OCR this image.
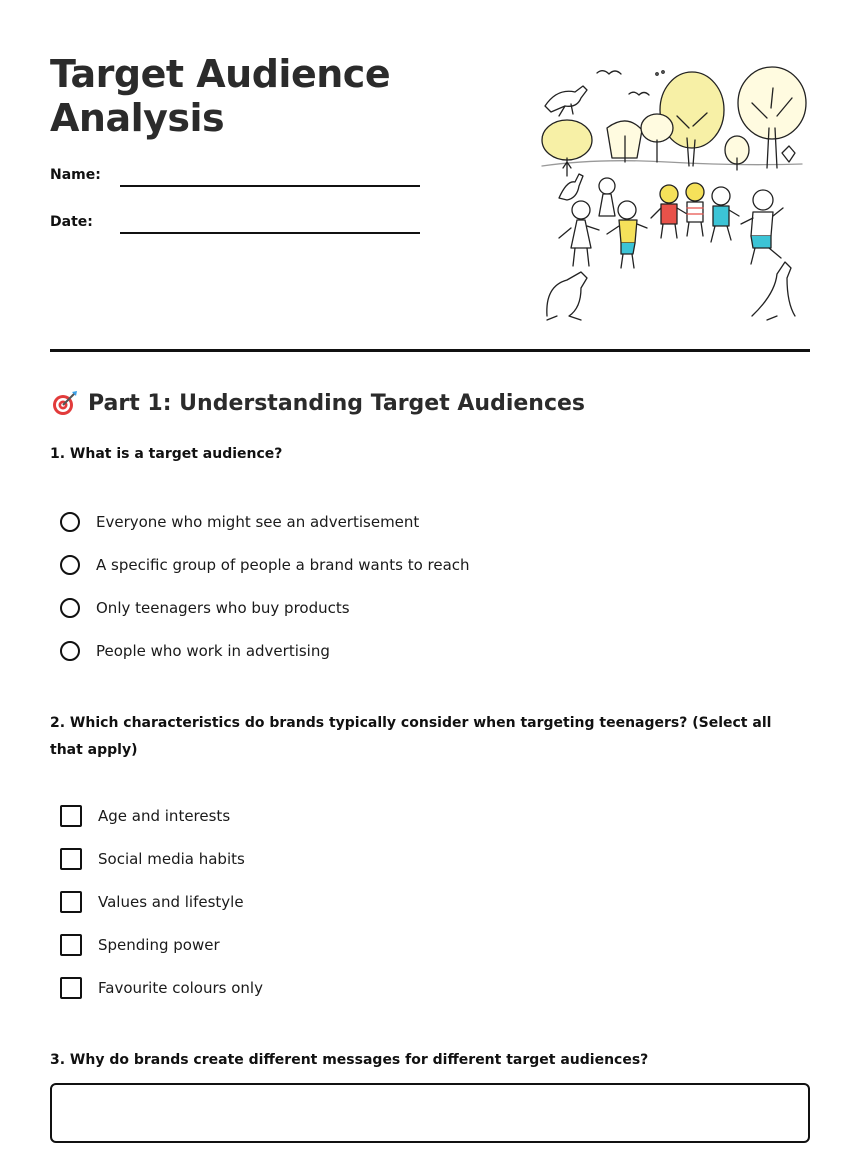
Target Audience Analysis
Name:
Date:
Part 1: Understanding Target Audiences

1. What is a target audience?

Everyone who might see an advertisement
A specific group of people a brand wants to reach
Only teenagers who buy products
People who work in advertising

2. Which characteristics do brands typically consider when targeting teenagers? (Select all that apply)

Age and interests
Social media habits
Values and lifestyle
Spending power
Favourite colours only

3. Why do brands create different messages for different target audiences?
